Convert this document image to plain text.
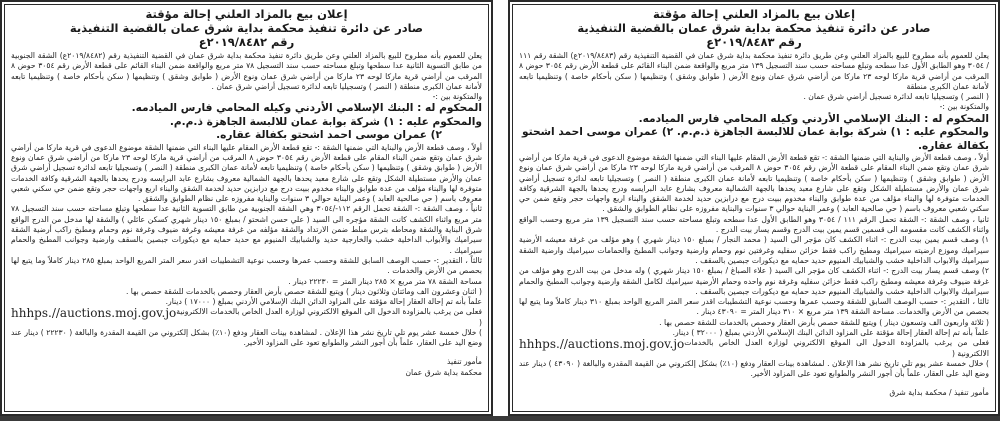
إعلان بيع بالمزاد العلني إحالة مؤقتة
صادر عن دائرة تنفيذ محكمة بداية شرق عمان بالقضية التنفيذية
رقم ٢٠١٩/٨٤٨٣ع

يعلن للعموم بأنه مطروح للبيع بالمزاد العلني وعن طريق دائرة تنفيذ محكمة بداية شرق عمان في القضية التنفيذية رقم (٢٠١٩/٨٤٨٣ع) الشقة رقم ١١١ / ٣٠٥٤ وهو الطابق الأول عدا سطحه وتبلغ مساحته حسب سند التسجيل ١٣٩ متر مربع والواقعة ضمن البناء القائم على قطعة الأرض رقم ٣٠٥٤ حوض ٨ المرقب من أراضي قرية ماركا لوحه ٢٣ ماركا من أراضي شرق عمان ونوع الأرض ( طوابق وشقق ) وتنظيمها ( سكن بأحكام خاصة ) وتنظيميا تابعه لأمانة عمان الكبرى منطقة

( النصر ) وتسجيليا تابعه لدائرة تسجيل أراضي شرق عمان .

والمتكونة بين :-

المحكوم له : البنك الإسلامي الأردني وكيله المحامي فارس الميادمه.
والمحكوم عليه : ١) شركة بوابة عمان للالبسة الجاهزة ذ.م.م. ٢) عمران موسى احمد اشحتو بكفالة عقاره.

أولاً ، وصف قطعة الأرض والبناية التي ضمنها الشقة :- تقع قطعة الأرض المقام عليها البناء التي ضمنها الشقة موضوع الدعوى في قرية ماركا من أراضي شرق عمان وتقع ضمن البناء المقام على قطعة الأرض رقم ٣٠٥٤ حوض ٨ المرقب من أراضي قرية ماركا لوحه ٢٣ ماركا من أراضي شرق عمان ونوع الأرض ( طوابق وشقق ) وتنظيمها ( سكن بأحكام خاصة ) وتنظيميا تابعه لأمانة عمان الكبرى منطقة ( النصر ) وتسجيليا تابعه لدائرة تسجيل أراضي شرق عمان والأرض مستطيلة الشكل وتقع على شارع معبد يحدها بالجهة الشمالية معروف بشارع عابد البرايسه ودرج يحدها بالجهة الشرقية وكافة الخدمات متوفرة لها والبناء مؤلف من عدة طوابق والبناء مخدوم ببيت درج مع درابزين حديد لخدمة الشقق والبناء اربع واجهات حجر وتقع ضمن حي سكني شعبي معروف باسم ( حي صالحية العابد ) وعمر البناية حوالي ٣ سنوات والبناية مفروزه على نظام الطوابق والشقق .

ثانيا ، وصف الشقة :- الشقة تحمل الرقم ١١١ / ٣٠٥٤ وهو الطابق الأول عدا سطحه وتبلغ مساحته حسب سند التسجيل ١٣٩ متر مربع وحسب الواقع واثناء الكشف كانت مقسومه الى قسمين قسم يمين بيت الدرج وقسم يسار بيت الدرج .

١) وصف قسم يمين بيت الدرج :- اثناء الكشف كان مؤجر الى السيد ( محمد النجار / بمبلغ ١٥٠ دينار شهري ) وهو مؤلف من غرفة معيشه الأرضية سيراميك وموزع ارضيته سيراميك ومطبخ راكب فقط خزائن سفليه وغرفتين نوم وحمام وارضية وجوانب المطبخ والحمامات سيراميك وارضية الشقة سيراميك والابواب الداخلية خشب والشبابيك المنيوم حديد حمايه مع ديكورات جبصين بالسقف .

٢) وصف قسم يسار بيت الدرج :- اثناء الكشف كان مؤجر الى السيد ( علاء الصباغ / بمبلغ ١٥٠ دينار شهري ) وله مدخل من بيت الدرج وهو مؤلف من غرفة ضيوف وغرفة معيشه ومطبخ راكب فقط خزائن سفليه وغرفة نوم واحده وحمام الأرضية سيراميك لكامل الشقة وارضية وجوانب المطبخ والحمام سيراميك والابواب الداخلية خشب والشبابيك المنيوم حديد حمايه مع ديكورات جبصين بالسقف .

ثالثا ، التقدير :- حسب الوصف السابق للشقة وحسب عمرها وحسب نوعية التشطيبات اقدر سعر المتر المربع الواحد بمبلغ ٣١٠ دينار كاملاً وما يتبع لها بحصص من الأرض والخدمات. مساحة الشقة ١٣٩ متر مربع × ٣١٠ دينار المتر = ٤٣٠٩٠ دينار .

( ثلاثة واربعون الف وتسعون دينار ) ويتبع للشقة حصص بأرض العقار وحصص بالخدمات للشقة حصص بها .

علماً بأنه تم إحالة العقار إحالة مؤقتة على المزاود الدائن البنك الإسلامي الأردني بمبلغ ( ٣٢٠٠٠ ) دينار.

hhhps.//auctions.moj.gov.jo فعلى من يرغب بالمزاودة الدخول الى الموقع الالكتروني لوزارة العدل الخاص بالخدمات الالكترونية (

) خلال خمسة عشر يوم تلي تاريخ نشر هذا الإعلان . لمشاهدة بينات العقار ودفع (١٠٪) بشكل إلكتروني من القيمة المقدرة والبالغة ( ٤٣٠٩٠ ) دينار عند وضع اليد على العقار، علماً بأن أجور النشر والطوابع تعود على المزاود الأخير.

مأمور تنفيذ / محكمة بداية شرق

إعلان بيع بالمزاد العلني إحالة مؤقتة
صادر عن دائرة تنفيذ محكمة بداية شرق عمان بالقضية التنفيذية
رقم ٢٠١٩/٨٤٨٢ع

يعلن للعموم بأنه مطروح للبيع بالمزاد العلني وعن طريق دائرة تنفيذ محكمة بداية شرق عمان في القضية التنفيذية رقم (٢٠١٩/٨٤٨٢ع) الشقة الجنوبية من طابق التسوية الثانية عدا سطحها وتبلغ مساحته حسب سند التسجيل ٧٨ متر مربع والواقعة ضمن البناء القائم على قطعة الأرض رقم ٣٠٥٤ حوض ٨ المرقب من أراضي قرية ماركا لوحه ٢٣ ماركا من أراضي شرق عمان ونوع الأرض ( طوابق وشقق ) وتنظيمها ( سكن بأحكام خاصة ) وتنظيميا تابعه لأمانة عمان الكبرى منطقة ( النصر ) وتسجيليا تابعه لدائرة تسجيل أراضي شرق عمان .

والمتكونة بين :-

المحكوم له : البنك الإسلامي الأردني وكيله المحامي فارس الميادمه.
والمحكوم عليه : ١) شركة بوابة عمان للالبسة الجاهزة ذ.م.م.
٢) عمران موسى احمد اشحتو بكفالة عقاره.

أولاً ، وصف قطعة الأرض والبناية التي ضمنها الشقة :- تقع قطعة الأرض المقام عليها البناء التي ضمنها الشقة موضوع الدعوى في قرية ماركا من أراضي شرق عمان وتقع ضمن البناء المقام على قطعة الأرض رقم ٣٠٥٤ حوض ٨ المرقب من أراضي قرية ماركا لوحه ٢٣ ماركا من أراضي شرق عمان ونوع الأرض ( طوابق وشقق ) وتنظيمها ( سكن بأحكام خاصة ) وتنظيميا تابعه لأمانة عمان الكبرى منطقة ( النصر ) وتسجيليا تابعه لدائرة تسجيل أراضي شرق عمان والأرض مستطيلة الشكل وتقع على شارع معبد يحدها بالجهة الشمالية معروف بشارع عابد البرايسه ودرج يحدها بالجهة الشرقية وكافة الخدمات متوفرة لها والبناء مؤلف من عدة طوابق والبناء مخدوم ببيت درج مع درابزين حديد لخدمة الشقق والبناء اربع واجهات حجر وتقع ضمن حي سكني شعبي معروف باسم ( حي صالحية العابد ) وعمر البناية حوالي ٣ سنوات والبناية مفروزه على نظام الطوابق والشقق .

ثانياً ، وصف الشقة :- الشقة تحمل الرقم ١١٢-/٣٠٥٤ وهي الشقة الجنوبية من طابق التسوية الثانية عدا سطحها وتبلغ مساحته حسب سند التسجيل ٧٨ متر مربع واثناء الكشف كانت الشقة مؤجره الى السيد ( علي حسن اشحتو / بمبلغ ١٥٠ دينار شهري كسكن عائلي ) والشقة لها مدخل من الدرج الواقع شرق البناية والشقة ومحاطه بترس مبلط ضمن الارتداد والشقة مؤلفه من غرفة معيشه وغرفة ضيوف وغرفة نوم وحمام ومطبخ راكب أرضية الشقة سيراميك والأبواب الداخلية خشب والخارجية حديد والشبابيك المنيوم مع حديد حمايه مع ديكورات جبصين بالسقف وارضية وجوانب المطبخ والحمام سيراميك .

ثالثاً ، التقدير :- حسب الوصف السابق للشقة وحسب عمرها وحسب نوعية التشطيبات اقدر سعر المتر المربع الواحد بمبلغ ٢٨٥ دينار كاملاً وما يتبع لها بحصص من الأرض والخدمات .

مساحة الشقة ٧٨ متر مربع × ٢٨٥ دينار المتر = ٢٢٢٣٠ دينار .

( اثنان وعشرون الف ومائتان وثلاثون دينار ) ويتبع للشقة حصص بأرض العقار وحصص بالخدمات للشقة حصص بها .

علماً بأنه تم إحالة العقار إحالة مؤقتة على المزاود الدائن البنك الإسلامي الأردني بمبلغ ( ١٧٠٠٠ ) دينار.

hhhps.//auctions.moj.gov.jo فعلى من يرغب بالمزاودة الدخول الى الموقع الالكتروني لوزارة العدل الخاص بالخدمات الالكترونية (

) خلال خمسة عشر يوم تلي تاريخ نشر هذا الإعلان . لمشاهدة بينات العقار ودفع (١٠٪) بشكل إلكتروني من القيمة المقدرة والبالغة ( ٢٢٢٣٠ ) دينار عند وضع اليد على العقار، علماً بأن أجور النشر والطوابع تعود على المزاود الأخير.

مأمور تنفيذ

محكمة بداية شرق عمان
